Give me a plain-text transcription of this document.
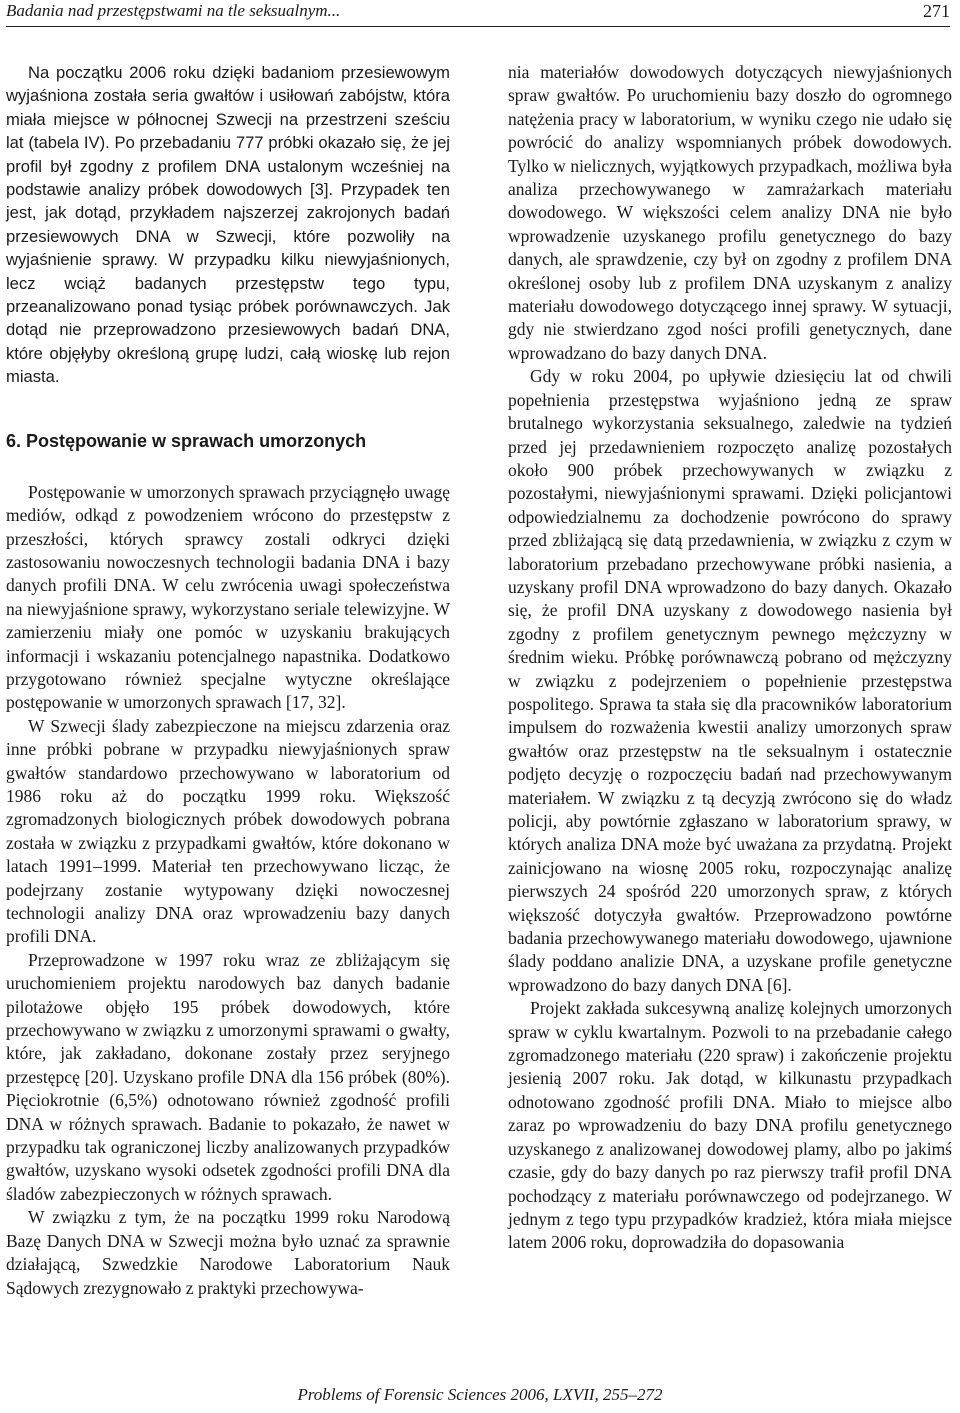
Badania nad przestępstwami na tle seksualnym...	271

Na początku 2006 roku dzięki badaniom przesiewowym wyjaśniona została seria gwałtów i usiłowań zabójstw, która miała miejsce w północnej Szwecji na przestrzeni sześciu lat (tabela IV). Po przebadaniu 777 próbki okazało się, że jej profil był zgodny z profilem DNA ustalonym wcześniej na podstawie analizy próbek dowodowych [3]. Przypadek ten jest, jak dotąd, przykładem najszerzej zakrojonych badań przesiewowych DNA w Szwecji, które pozwoliły na wyjaśnienie sprawy. W przypadku kilku niewyjaśnionych, lecz wciąż badanych przestępstw tego typu, przeanalizowano ponad tysiąc próbek porównawczych. Jak dotąd nie przeprowadzono przesiewowych badań DNA, które objęłyby określoną grupę ludzi, całą wioskę lub rejon miasta.

6. Postępowanie w sprawach umorzonych

Postępowanie w umorzonych sprawach przyciągnęło uwagę mediów, odkąd z powodzeniem wrócono do przestępstw z przeszłości, których sprawcy zostali odkryci dzięki zastosowaniu nowoczesnych technologii badania DNA i bazy danych profili DNA. W celu zwrócenia uwagi społeczeństwa na niewyjaśnione sprawy, wykorzystano seriale telewizyjne. W zamierzeniu miały one pomóc w uzyskaniu brakujących informacji i wskazaniu potencjalnego napastnika. Dodatkowo przygotowano również specjalne wytyczne określające postępowanie w umorzonych sprawach [17, 32].

W Szwecji ślady zabezpieczone na miejscu zdarzenia oraz inne próbki pobrane w przypadku niewyjaśnionych spraw gwałtów standardowo przechowywano w laboratorium od 1986 roku aż do początku 1999 roku. Większość zgromadzonych biologicznych próbek dowodowych pobrana została w związku z przypadkami gwałtów, które dokonano w latach 1991–1999. Materiał ten przechowywano licząc, że podejrzany zostanie wytypowany dzięki nowoczesnej technologii analizy DNA oraz wprowadzeniu bazy danych profili DNA.

Przeprowadzone w 1997 roku wraz ze zbliżającym się uruchomieniem projektu narodowych baz danych badanie pilotażowe objęło 195 próbek dowodowych, które przechowywano w związku z umorzonymi sprawami o gwałty, które, jak zakładano, dokonane zostały przez seryjnego przestępcę [20]. Uzyskano profile DNA dla 156 próbek (80%). Pięciokrotnie (6,5%) odnotowano również zgodność profili DNA w różnych sprawach. Badanie to pokazało, że nawet w przypadku tak ograniczonej liczby analizowanych przypadków gwałtów, uzyskano wysoki odsetek zgodności profili DNA dla śladów zabezpieczonych w różnych sprawach.

W związku z tym, że na początku 1999 roku Narodową Bazę Danych DNA w Szwecji można było uznać za sprawnie działającą, Szwedzkie Narodowe Laboratorium Nauk Sądowych zrezygnowało z praktyki przechowywa-

nia materiałów dowodowych dotyczących niewyjaśnionych spraw gwałtów. Po uruchomieniu bazy doszło do ogromnego natężenia pracy w laboratorium, w wyniku czego nie udało się powrócić do analizy wspomnianych próbek dowodowych. Tylko w nielicznych, wyjątkowych przypadkach, możliwa była analiza przechowywanego w zamrażarkach materiału dowodowego. W większości celem analizy DNA nie było wprowadzenie uzyskanego profilu genetycznego do bazy danych, ale sprawdzenie, czy był on zgodny z profilem DNA określonej osoby lub z profilem DNA uzyskanym z analizy materiału dowodowego dotyczącego innej sprawy. W sytuacji, gdy nie stwierdzano zgod ności profili genetycznych, dane wprowadzano do bazy danych DNA.

Gdy w roku 2004, po upływie dziesięciu lat od chwili popełnienia przestępstwa wyjaśniono jedną ze spraw brutalnego wykorzystania seksualnego, zaledwie na tydzień przed jej przedawnieniem rozpoczęto analizę pozostałych około 900 próbek przechowywanych w związku z pozostałymi, niewyjaśnionymi sprawami. Dzięki policjantowi odpowiedzialnemu za dochodzenie powrócono do sprawy przed zbliżającą się datą przedawnienia, w związku z czym w laboratorium przebadano przechowywane próbki nasienia, a uzyskany profil DNA wprowadzono do bazy danych. Okazało się, że profil DNA uzyskany z dowodowego nasienia był zgodny z profilem genetycznym pewnego mężczyzny w średnim wieku. Próbkę porównawczą pobrano od mężczyzny w związku z podejrzeniem o popełnienie przestępstwa pospolitego. Sprawa ta stała się dla pracowników laboratorium impulsem do rozważenia kwestii analizy umorzonych spraw gwałtów oraz przestępstw na tle seksualnym i ostatecznie podjęto decyzję o rozpoczęciu badań nad przechowywanym materiałem. W związku z tą decyzją zwrócono się do władz policji, aby powtórnie zgłaszano w laboratorium sprawy, w których analiza DNA może być uważana za przydatną. Projekt zainicjowano na wiosnę 2005 roku, rozpoczynając analizę pierwszych 24 spośród 220 umorzonych spraw, z których większość dotyczyła gwałtów. Przeprowadzono powtórne badania przechowywanego materiału dowodowego, ujawnione ślady poddano analizie DNA, a uzyskane profile genetyczne wprowadzono do bazy danych DNA [6].

Projekt zakłada sukcesywną analizę kolejnych umorzonych spraw w cyklu kwartalnym. Pozwoli to na przebadanie całego zgromadzonego materiału (220 spraw) i zakończenie projektu jesienią 2007 roku. Jak dotąd, w kilkunastu przypadkach odnotowano zgodność profili DNA. Miało to miejsce albo zaraz po wprowadzeniu do bazy DNA profilu genetycznego uzyskanego z analizowanej dowodowej plamy, albo po jakimś czasie, gdy do bazy danych po raz pierwszy trafił profil DNA pochodzący z materiału porównawczego od podejrzanego. W jednym z tego typu przypadków kradzież, która miała miejsce latem 2006 roku, doprowadziła do dopasowania

Problems of Forensic Sciences 2006, LXVII, 255–272
